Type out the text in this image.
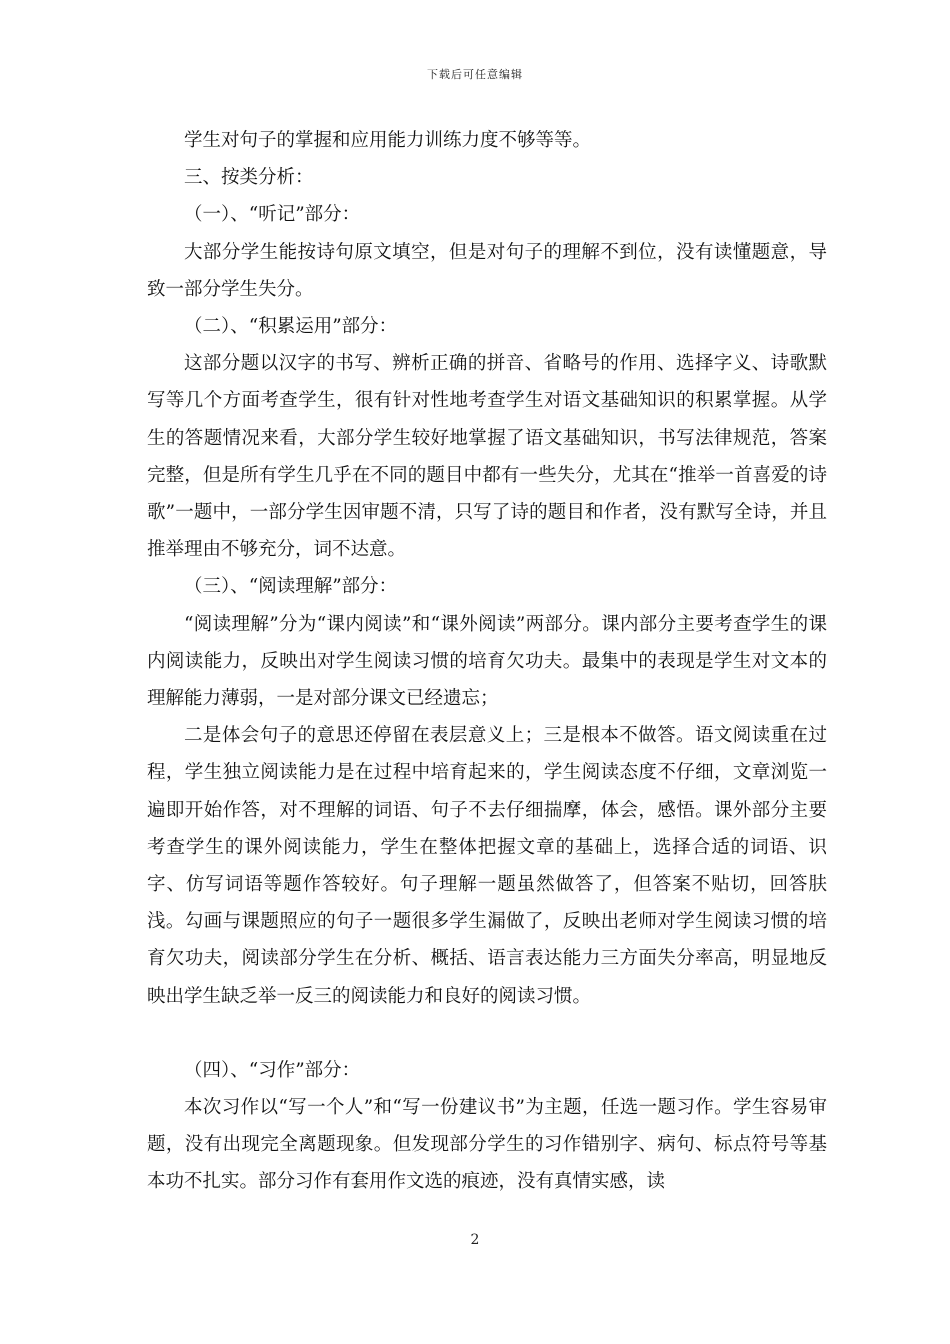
下载后可任意编辑

学生对句子的掌握和应用能力训练力度不够等等。

三、按类分析：

（一）、“听记”部分：

大部分学生能按诗句原文填空，但是对句子的理解不到位，没有读懂题意，导致一部分学生失分。

（二）、“积累运用”部分：

这部分题以汉字的书写、辨析正确的拼音、省略号的作用、选择字义、诗歌默写等几个方面考查学生，很有针对性地考查学生对语文基础知识的积累掌握。从学生的答题情况来看，大部分学生较好地掌握了语文基础知识，书写法律规范，答案完整，但是所有学生几乎在不同的题目中都有一些失分，尤其在“推举一首喜爱的诗歌”一题中，一部分学生因审题不清，只写了诗的题目和作者，没有默写全诗，并且推举理由不够充分，词不达意。

（三）、“阅读理解”部分：

“阅读理解”分为“课内阅读”和“课外阅读”两部分。课内部分主要考查学生的课内阅读能力，反映出对学生阅读习惯的培育欠功夫。最集中的表现是学生对文本的理解能力薄弱，一是对部分课文已经遗忘；

二是体会句子的意思还停留在表层意义上；三是根本不做答。语文阅读重在过程，学生独立阅读能力是在过程中培育起来的，学生阅读态度不仔细，文章浏览一遍即开始作答，对不理解的词语、句子不去仔细揣摩，体会，感悟。课外部分主要考查学生的课外阅读能力，学生在整体把握文章的基础上，选择合适的词语、识字、仿写词语等题作答较好。句子理解一题虽然做答了，但答案不贴切，回答肤浅。勾画与课题照应的句子一题很多学生漏做了，反映出老师对学生阅读习惯的培育欠功夫，阅读部分学生在分析、概括、语言表达能力三方面失分率高，明显地反映出学生缺乏举一反三的阅读能力和良好的阅读习惯。

（四）、“习作”部分：

本次习作以“写一个人”和“写一份建议书”为主题，任选一题习作。学生容易审题，没有出现完全离题现象。但发现部分学生的习作错别字、病句、标点符号等基本功不扎实。部分习作有套用作文选的痕迹，没有真情实感，读

2
